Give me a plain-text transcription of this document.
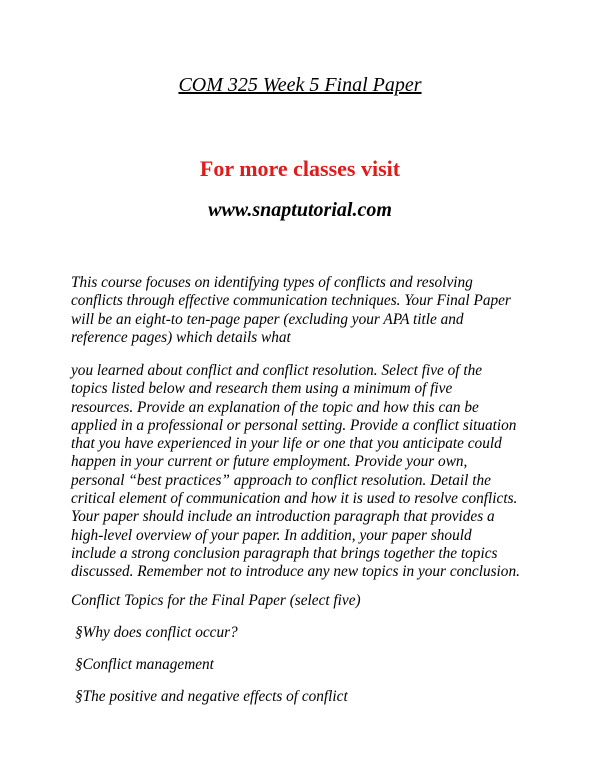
COM 325 Week 5 Final Paper

For more classes visit

www.snaptutorial.com

This course focuses on identifying types of conflicts and resolving
conflicts through effective communication techniques. Your Final Paper
will be an eight-to ten-page paper (excluding your APA title and
reference pages) which details what

you learned about conflict and conflict resolution. Select five of the
topics listed below and research them using a minimum of five
resources. Provide an explanation of the topic and how this can be
applied in a professional or personal setting. Provide a conflict situation
that you have experienced in your life or one that you anticipate could
happen in your current or future employment. Provide your own,
personal “best practices” approach to conflict resolution. Detail the
critical element of communication and how it is used to resolve conflicts.
Your paper should include an introduction paragraph that provides a
high-level overview of your paper. In addition, your paper should
include a strong conclusion paragraph that brings together the topics
discussed. Remember not to introduce any new topics in your conclusion.

Conflict Topics for the Final Paper (select five)

§Why does conflict occur?

§Conflict management

§The positive and negative effects of conflict
